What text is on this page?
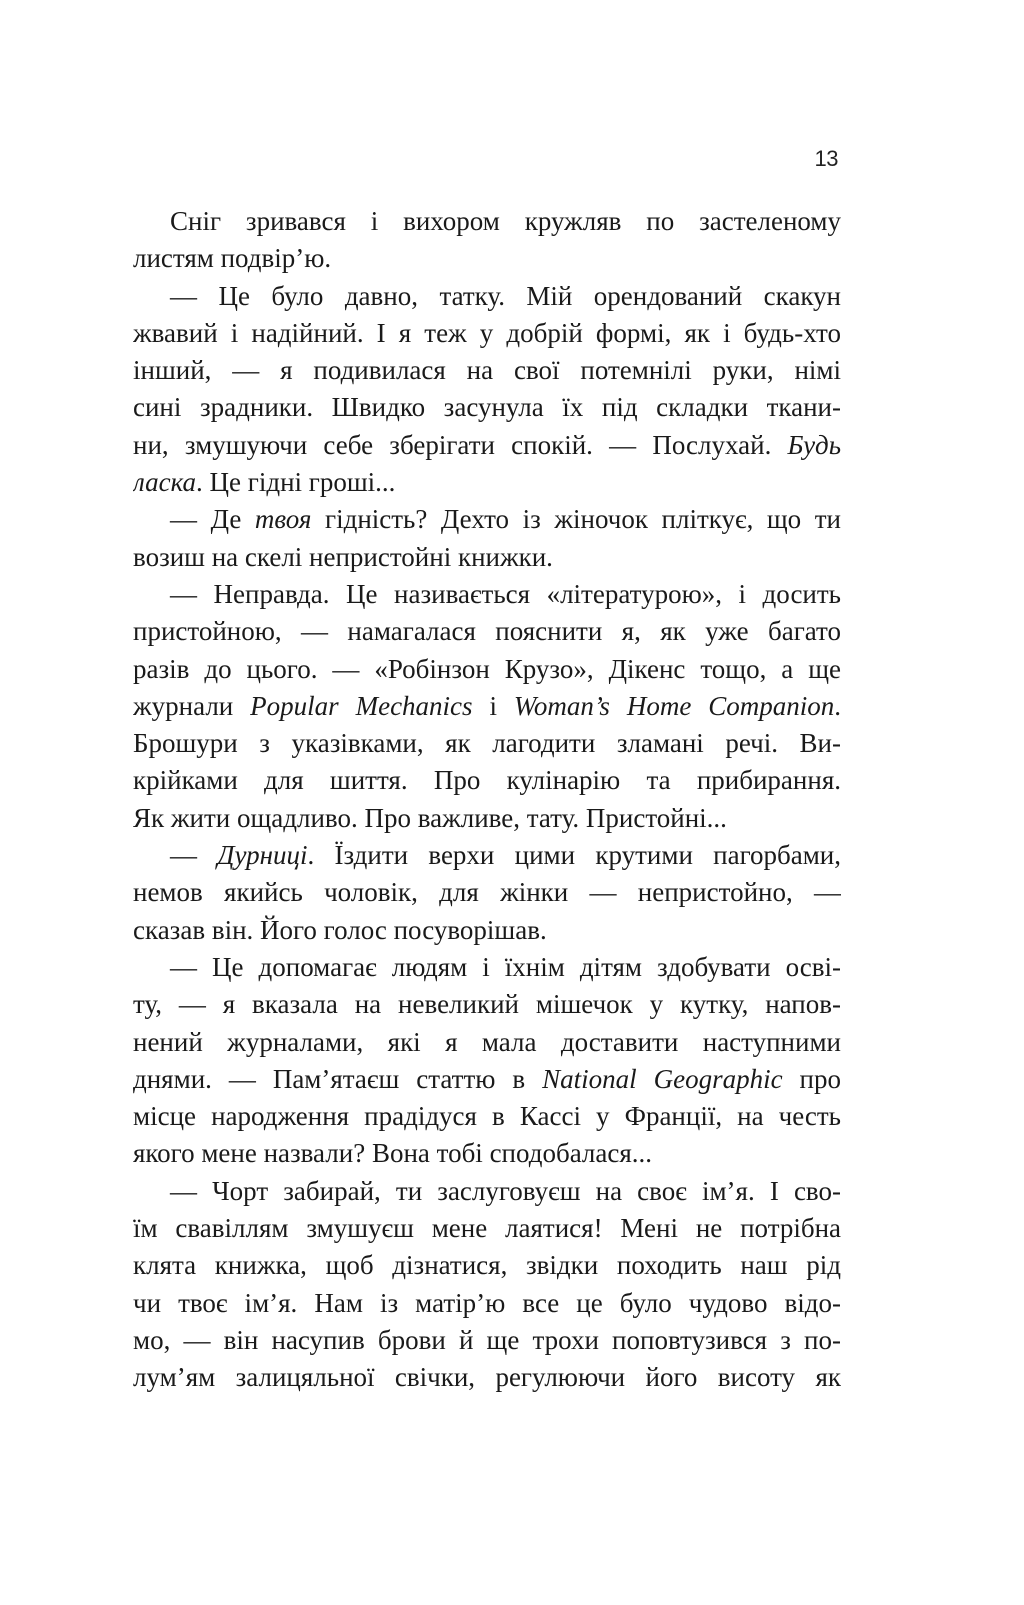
13
Сніг зривався і вихором кружляв по застеленому
листям подвір’ю.
— Це було давно, татку. Мій орендований скакун
жвавий і надійний. І я теж у добрій формі, як і будь-хто
інший, — я подивилася на свої потемнілі руки, німі
сині зрадники. Швидко засунула їх під складки ткани-
ни, змушуючи себе зберігати спокій. — Послухай. Будь
ласка. Це гідні гроші...
— Де твоя гідність? Дехто із жіночок пліткує, що ти
возиш на скелі непристойні книжки.
— Неправда. Це називається «літературою», і досить
пристойною, — намагалася пояснити я, як уже багато
разів до цього. — «Робінзон Крузо», Дікенс тощо, а ще
журнали Popular Mechanics і Woman’s Home Companion.
Брошури з указівками, як лагодити зламані речі. Ви-
крійками для шиття. Про кулінарію та прибирання.
Як жити ощадливо. Про важливе, тату. Пристойні...
— Дурниці. Їздити верхи цими крутими пагорбами,
немов якийсь чоловік, для жінки — непристойно, —
сказав він. Його голос посуворішав.
— Це допомагає людям і їхнім дітям здобувати осві-
ту, — я вказала на невеликий мішечок у кутку, напов-
нений журналами, які я мала доставити наступними
днями. — Пам’ятаєш статтю в National Geographic про
місце народження прадідуся в Кассі у Франції, на честь
якого мене назвали? Вона тобі сподобалася...
— Чорт забирай, ти заслуговуєш на своє ім’я. І сво-
їм свавіллям змушуєш мене лаятися! Мені не потрібна
клята книжка, щоб дізнатися, звідки походить наш рід
чи твоє ім’я. Нам із матір’ю все це було чудово відо-
мо, — він насупив брови й ще трохи поповтузився з по-
лум’ям залицяльної свічки, регулюючи його висоту як
